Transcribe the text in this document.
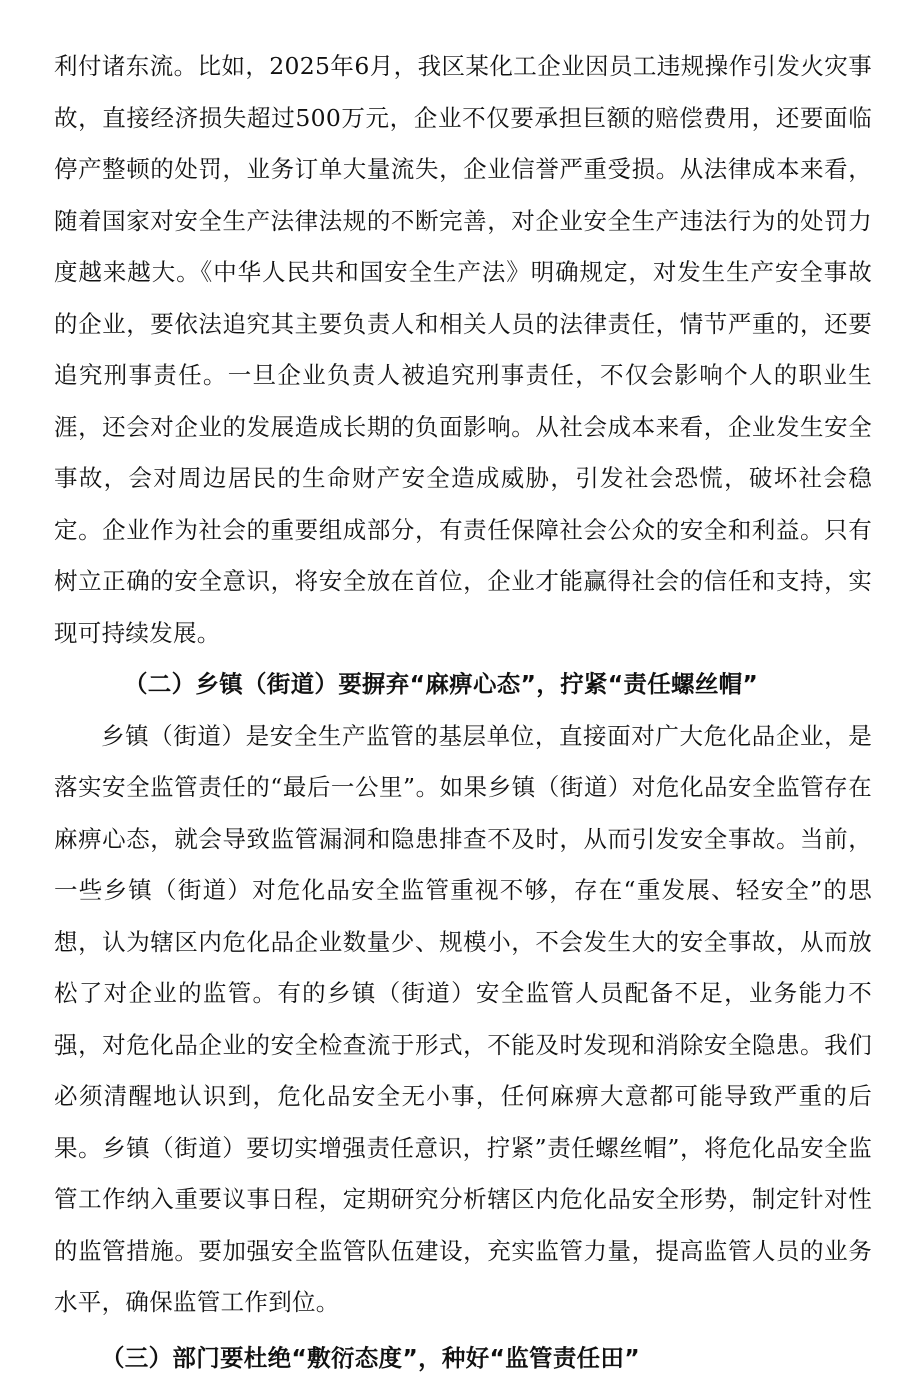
利付诸东流。比如，2025年6月，我区某化工企业因员工违规操作引发火灾事故，直接经济损失超过500万元，企业不仅要承担巨额的赔偿费用，还要面临停产整顿的处罚，业务订单大量流失，企业信誉严重受损。从法律成本来看，随着国家对安全生产法律法规的不断完善，对企业安全生产违法行为的处罚力度越来越大。《中华人民共和国安全生产法》明确规定，对发生生产安全事故的企业，要依法追究其主要负责人和相关人员的法律责任，情节严重的，还要追究刑事责任。一旦企业负责人被追究刑事责任，不仅会影响个人的职业生涯，还会对企业的发展造成长期的负面影响。从社会成本来看，企业发生安全事故，会对周边居民的生命财产安全造成威胁，引发社会恐慌，破坏社会稳定。企业作为社会的重要组成部分，有责任保障社会公众的安全和利益。只有树立正确的安全意识，将安全放在首位，企业才能赢得社会的信任和支持，实现可持续发展。

（二）乡镇（街道）要摒弃“麻痹心态”，拧紧“责任螺丝帽”

乡镇（街道）是安全生产监管的基层单位，直接面对广大危化品企业，是落实安全监管责任的“最后一公里”。如果乡镇（街道）对危化品安全监管存在麻痹心态，就会导致监管漏洞和隐患排查不及时，从而引发安全事故。当前，一些乡镇（街道）对危化品安全监管重视不够，存在“重发展、轻安全”的思想，认为辖区内危化品企业数量少、规模小，不会发生大的安全事故，从而放松了对企业的监管。有的乡镇（街道）安全监管人员配备不足，业务能力不强，对危化品企业的安全检查流于形式，不能及时发现和消除安全隐患。我们必须清醒地认识到，危化品安全无小事，任何麻痹大意都可能导致严重的后果。乡镇（街道）要切实增强责任意识，拧紧”责任螺丝帽”，将危化品安全监管工作纳入重要议事日程，定期研究分析辖区内危化品安全形势，制定针对性的监管措施。要加强安全监管队伍建设，充实监管力量，提高监管人员的业务水平，确保监管工作到位。

（三）部门要杜绝“敷衍态度”，种好“监管责任田”
